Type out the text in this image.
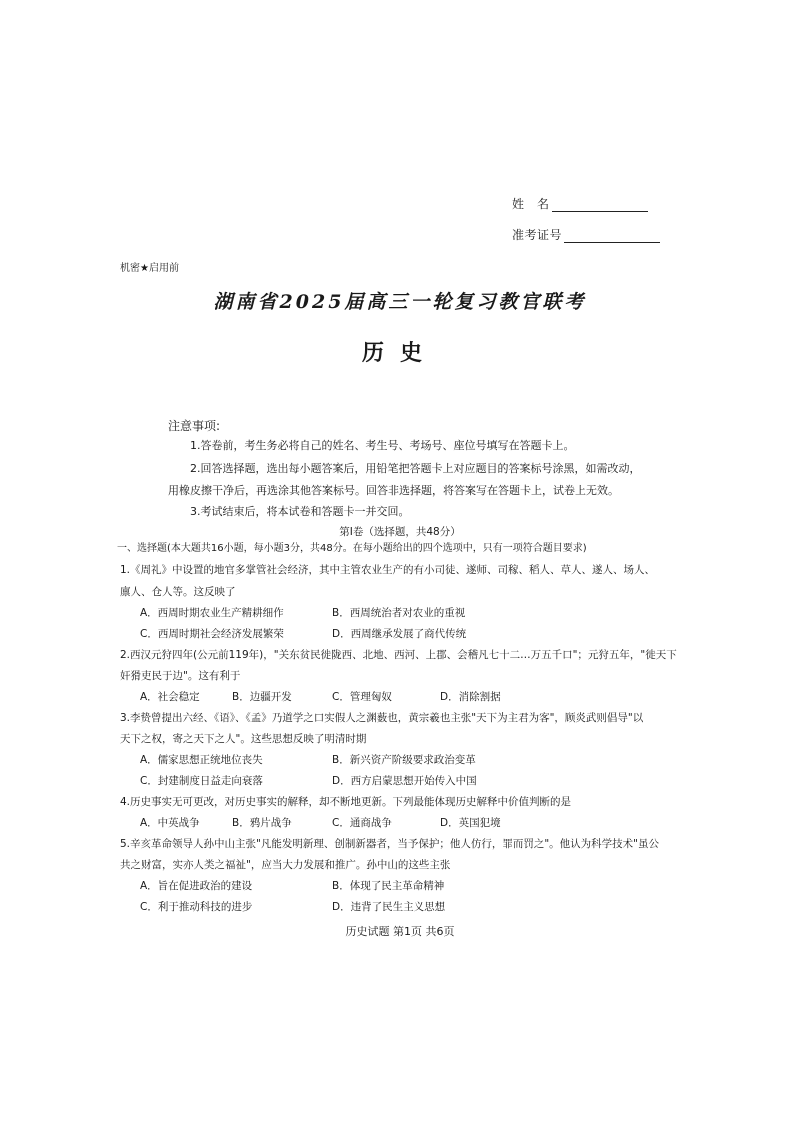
姓　名
准考证号
机密★启用前
湖南省2025届高三一轮复习教官联考
历史
注意事项:
1.答卷前，考生务必将自己的姓名、考生号、考场号、座位号填写在答题卡上。
2.回答选择题，选出每小题答案后，用铅笔把答题卡上对应题目的答案标号涂黑，如需改动，
用橡皮擦干净后，再选涂其他答案标号。回答非选择题，将答案写在答题卡上，试卷上无效。
3.考试结束后，将本试卷和答题卡一并交回。
第Ⅰ卷（选择题，共48分）
一、选择题(本大题共16小题，每小题3分，共48分。在每小题给出的四个选项中，只有一项符合题目要求)
1.《周礼》中设置的地官多掌管社会经济，其中主管农业生产的有小司徒、遂师、司稼、稻人、草人、遂人、场人、
廪人、仓人等。这反映了
A．西周时期农业生产精耕细作	B．西周统治者对农业的重视
C．西周时期社会经济发展繁荣	D．西周继承发展了商代传统
2.西汉元狩四年(公元前119年)，"关东贫民徙陇西、北地、西河、上郡、会稽凡七十二…万五千口"；元狩五年，"徙天下
奸猾吏民于边"。这有利于
A．社会稳定	B．边疆开发	C．管理匈奴	D．消除割据
3.李贽曾提出六经、《语》、《孟》乃道学之口实假人之渊薮也，黄宗羲也主张"天下为主君为客"，顾炎武则倡导"以
天下之权，寄之天下之人"。这些思想反映了明清时期
A．儒家思想正统地位丧失	B．新兴资产阶级要求政治变革
C．封建制度日益走向衰落	D．西方启蒙思想开始传入中国
4.历史事实无可更改，对历史事实的解释，却不断地更新。下列最能体现历史解释中价值判断的是
A．中英战争	B．鸦片战争	C．通商战争	D．英国犯境
5.辛亥革命领导人孙中山主张"凡能发明新理、创制新器者，当予保护；他人仿行，罪而罚之"。他认为科学技术"虽公
共之财富，实亦人类之福祉"，应当大力发展和推广。孙中山的这些主张
A．旨在促进政治的建设	B．体现了民主革命精神
C．利于推动科技的进步	D．违背了民生主义思想
历史试题 第1页 共6页
